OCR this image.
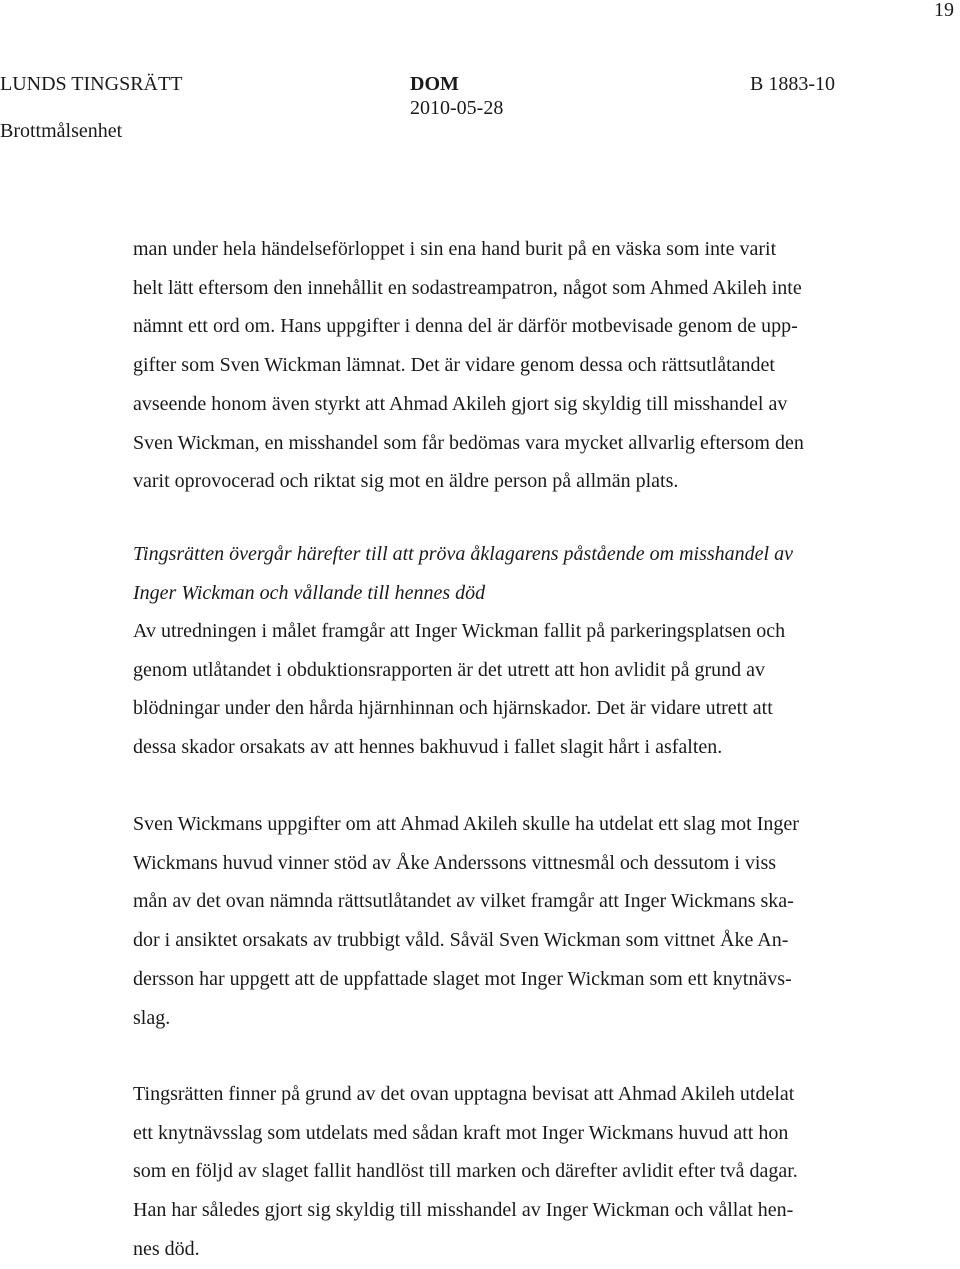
19
LUNDS TINGSRÄTT
Brottmålsenhet
DOM
2010-05-28
B 1883-10
man under hela händelseförloppet i sin ena hand burit på en väska som inte varit
helt lätt eftersom den innehållit en sodastreampatron, något som Ahmed Akileh inte
nämnt ett ord om. Hans uppgifter i denna del är därför motbevisade genom de upp-
gifter som Sven Wickman lämnat. Det är vidare genom dessa och rättsutlåtandet
avseende honom även styrkt att Ahmad Akileh gjort sig skyldig till misshandel av
Sven Wickman, en misshandel som får bedömas vara mycket allvarlig eftersom den
varit oprovocerad och riktat sig mot en äldre person på allmän plats.
Tingsrätten övergår härefter till att pröva åklagarens påstående om misshandel av
Inger Wickman och vållande till hennes död
Av utredningen i målet framgår att Inger Wickman fallit på parkeringsplatsen och
genom utlåtandet i obduktionsrapporten är det utrett att hon avlidit på grund av
blödningar under den hårda hjärnhinnan och hjärnskador. Det är vidare utrett att
dessa skador orsakats av att hennes bakhuvud i fallet slagit hårt i asfalten.
Sven Wickmans uppgifter om att Ahmad Akileh skulle ha utdelat ett slag mot Inger
Wickmans huvud vinner stöd av Åke Anderssons vittnesmål och dessutom i viss
mån av det ovan nämnda rättsutlåtandet av vilket framgår att Inger Wickmans ska-
dor i ansiktet orsakats av trubbigt våld. Såväl Sven Wickman som vittnet Åke An-
dersson har uppgett att de uppfattade slaget mot Inger Wickman som ett knytnävs-
slag.
Tingsrätten finner på grund av det ovan upptagna bevisat att Ahmad Akileh utdelat
ett knytnävsslag som utdelats med sådan kraft mot Inger Wickmans huvud att hon
som en följd av slaget fallit handlöst till marken och därefter avlidit efter två dagar.
Han har således gjort sig skyldig till misshandel av Inger Wickman och vållat hen-
nes död.
